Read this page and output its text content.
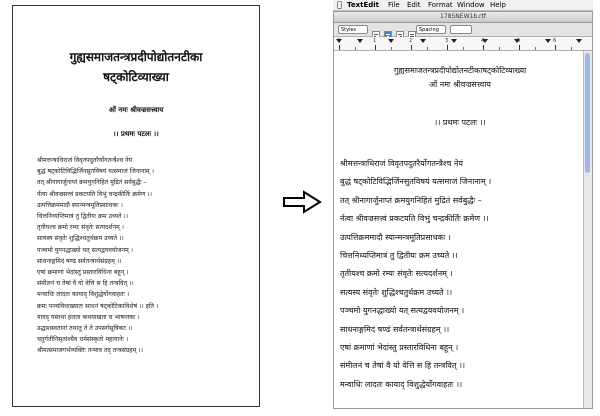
गुह्यसमाजतन्त्रप्रदीपोद्योतनटीका
षट्कोटिव्याख्या
ओं नमः श्रीवज्रसत्त्वाय
।। प्रथमः पटलः ।।
श्रीमत्तन्त्राधिराजं विवृतपदुतरैर्योगतन्त्रैश्च नेयं
बुद्धं षट्कोटिविद्भिर्जिनसुतविषयं यत्समाजं जिनानाम् ।
तत् श्रीनागार्जुनाप्तं क्रमयुगनिहितं मुद्रितं सर्वबुद्धैः –
र्नत्वा श्रीवज्रसत्त्वं प्रकटयति विभुं चन्द्रकीर्तिः क्रमेण ।।
उत्पत्तिक्रममादौ स्यान्मन्त्रमूतिप्रसाधकः ।
चित्तनिध्यप्तिमात्रं तु द्वितीयः क्रम उच्यते ।।
तृतीयश्च क्रमो रम्यः संवृतेः सत्यदर्शनम् ।
सत्यस्य संवृतेः शुद्धिश्चतुर्थक्रम उच्यते ।।
पञ्चमो युगनद्धाख्यो यत् सत्यद्वयवयोजनम् ।
साधनाङ्गमिदं षण्ढं सर्वतन्त्रार्थसंग्रहम् ।।
एषां क्रमाणां भेदांस्तु प्रस्तारविधिना बहून् ।
संमीलनं च तेषां वै यो वेत्ति स हि तन्त्रवित् ।।
मन्वाधिः लादतः कायाद् विशुद्धेर्योगवाहतः ।
क्रमः पञ्चविधाख्यातः साधनं षट्कोटिकाविशेषं ।। इति ।
यावद् यस्तथा हलता कथयाखता च भाषन्तकः ।
उद्धाशस्वतानां तथातु ते ते उपसर्गसूत्रिकाः ।।
चतुर्गतीनिसृतांश्चैव धर्मसंस्कृतो महायानेः ।
श्रीमत्समाजगर्भव्यक्तिः तन्मात्र तद् तन्त्रसंग्रहम् ।।
TextEdit File Edit Format Window Help
1785NEW1b.rtf
Styles

	Spacing
0	1	2	3	4	5	6
गुह्यसमाजतन्त्रप्रदीपोद्योतनटीकाषट्कोटिव्याख्या
ओं नमः श्रीवज्रसत्त्वाय
।। प्रथमः पटलः ।।
श्रीमत्तन्त्राधिराजं विवृतपदुतरैर्योगतन्त्रैश्च नेयं
बुद्धं षट्कोटिविद्भिर्जिनसुतविषयं यत्समाजं जिनानाम् ।
तत् श्रीनागार्जुनाप्तं क्रमयुगनिहितं मुद्रितं सर्वबुद्धैः –
र्नत्वा श्रीवज्रसत्त्वं प्रकटयति विभुं चन्द्रकीर्तिः क्रमेण ।।
उत्पत्तिक्रममादौ स्यान्मन्त्रमूतिप्रसाधकः ।
चित्तनिध्यप्तिमात्रं तु द्वितीयः क्रम उच्यते ।।
तृतीयश्च क्रमो रम्यः संवृतेः सत्यदर्शनम् ।
सत्यस्य संवृतेः शुद्धिश्चतुर्थक्रम उच्यते ।।
पञ्चमो युगनद्धाख्यो यत् सत्यद्वयवयोजनम् ।
साधनाङ्गमिदं षण्ढं सर्वतन्त्रार्थसंग्रहम् ।।
एषां क्रमाणां भेदांस्तु प्रस्तारविधिना बहून् ।
संमीलनं च तेषां वै यो वेत्ति स हि तन्त्रवित् ।।
मन्वाधिः लादतः कायाद् विशुद्धेर्योगवाहतः ।।
